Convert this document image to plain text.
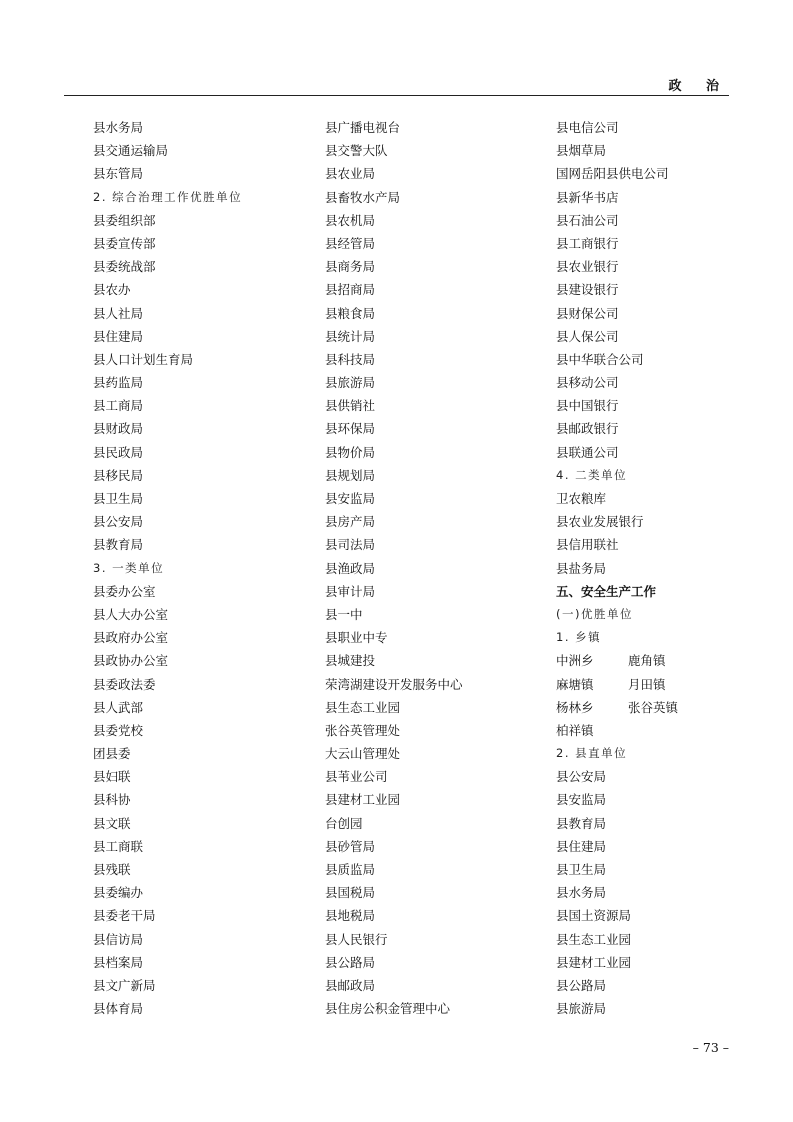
政 治
县水务局
县交通运输局
县东管局
2. 综合治理工作优胜单位
县委组织部
县委宣传部
县委统战部
县农办
县人社局
县住建局
县人口计划生育局
县药监局
县工商局
县财政局
县民政局
县移民局
县卫生局
县公安局
县教育局
3. 一类单位
县委办公室
县人大办公室
县政府办公室
县政协办公室
县委政法委
县人武部
县委党校
团县委
县妇联
县科协
县文联
县工商联
县残联
县委编办
县委老干局
县信访局
县档案局
县文广新局
县体育局
县广播电视台
县交警大队
县农业局
县畜牧水产局
县农机局
县经管局
县商务局
县招商局
县粮食局
县统计局
县科技局
县旅游局
县供销社
县环保局
县物价局
县规划局
县安监局
县房产局
县司法局
县渔政局
县审计局
县一中
县职业中专
县城建投
荣湾湖建设开发服务中心
县生态工业园
张谷英管理处
大云山管理处
县苇业公司
县建材工业园
台创园
县砂管局
县质监局
县国税局
县地税局
县人民银行
县公路局
县邮政局
县住房公积金管理中心
县电信公司
县烟草局
国网岳阳县供电公司
县新华书店
县石油公司
县工商银行
县农业银行
县建设银行
县财保公司
县人保公司
县中华联合公司
县移动公司
县中国银行
县邮政银行
县联通公司
4. 二类单位
卫农粮库
县农业发展银行
县信用联社
县盐务局
五、安全生产工作
(一)优胜单位
1. 乡镇
中洲乡	鹿角镇
麻塘镇	月田镇
杨林乡	张谷英镇
柏祥镇
2. 县直单位
县公安局
县安监局
县教育局
县住建局
县卫生局
县水务局
县国土资源局
县生态工业园
县建材工业园
县公路局
县旅游局
– 73 –
